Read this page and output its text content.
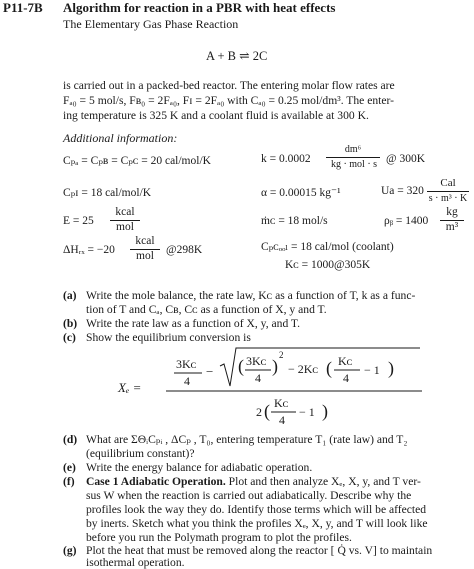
P11-7B Algorithm for reaction in a PBR with heat effects
The Elementary Gas Phase Reaction
A + B ⇌ 2C
is carried out in a packed-bed reactor. The entering molar flow rates are
Fₐ₀ = 5 mol/s, Fʙ₀ = 2Fₐ₀, Fɪ = 2Fₐ₀ with Cₐ₀ = 0.25 mol/dm³. The enter-
ing temperature is 325 K and a coolant fluid is available at 300 K.
Additional information:
Cₚₐ = Cₚʙ = Cₚᴄ = 20 cal/mol/K	k = 0.0002
dm⁶
kg · mol · s @ 300K
Cₚɪ = 18 cal/mol/K	α = 0.00015 kg⁻¹	Ua = 320
Cal
s · m³ · K
E = 25
kcal
mol	ṁᴄ = 18 mol/s	ρᵦ = 1400
kg
m³
ΔHᵣₓ = −20
kcal
mol	@298K	Cₚᴄₒₒₗ = 18 cal/mol (coolant)
Kᴄ = 1000@305K
(a) Write the mole balance, the rate law, Kᴄ as a function of T, k as a func-
tion of T and Cₐ, Cʙ, Cᴄ as a function of X, y and T.
(b) Write the rate law as a function of X, y, and T.
(c) Show the equilibrium conversion is
Xₑ =
3Kᴄ
4
− ( 3Kᴄ
4
)
2
− 2Kᴄ ( Kᴄ
4
− 1 )
2 ( Kᴄ
4
− 1 )
(d) What are ΣΘᵢCₚᵢ , ΔCₚ , T₀, entering temperature T₁ (rate law) and T₂
(equilibrium constant)?
(e) Write the energy balance for adiabatic operation.
(f) Case 1 Adiabatic Operation. Plot and then analyze Xₑ, X, y, and T ver-
sus W when the reaction is carried out adiabatically. Describe why the
profiles look the way they do. Identify those terms which will be affected
by inerts. Sketch what you think the profiles Xₑ, X, y, and T will look like
before you run the Polymath program to plot the profiles.
(g) Plot the heat that must be removed along the reactor [ Q̇ vs. V] to maintain
isothermal operation.
